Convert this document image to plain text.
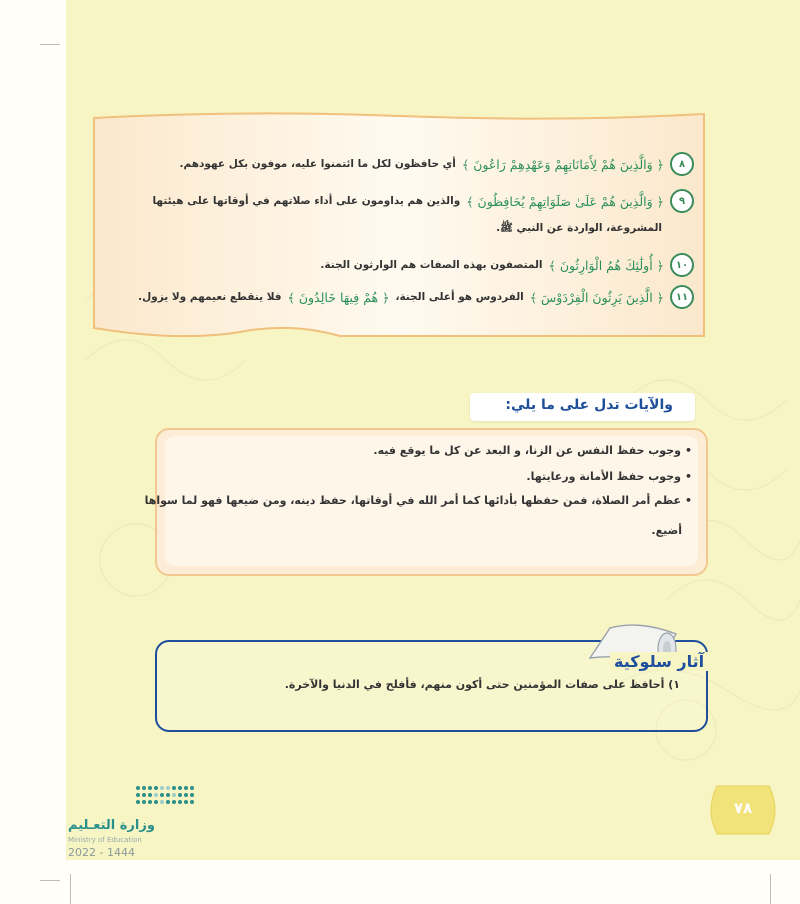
٨
﴿ وَالَّذِينَ هُمْ لِأَمَانَاتِهِمْ وَعَهْدِهِمْ رَاعُونَ ﴾
أي حافظون لكل ما ائتمنوا عليه، موفون بكل عهودهم.
٩
﴿ وَالَّذِينَ هُمْ عَلَىٰ صَلَوَاتِهِمْ يُحَافِظُونَ ﴾
والذين هم يداومون على أداء صلاتهم في أوقاتها على هيئتها
المشروعة، الواردة عن النبي ﷺ.
١٠
﴿ أُولَٰئِكَ هُمُ الْوَارِثُونَ ﴾
المتصفون بهذه الصفات هم الوارثون الجنة.
١١
﴿ الَّذِينَ يَرِثُونَ الْفِرْدَوْسَ ﴾
الفردوس هو أعلى الجنة،
﴿ هُمْ فِيهَا خَالِدُونَ ﴾
فلا ينقطع نعيمهم ولا يزول.
والآيات تدل على ما يلي:
• وجوب حفظ النفس عن الزنا، و البعد عن كل ما يوقع فيه.
• وجوب حفظ الأمانة ورعايتها.
• عظم أمر الصلاة، فمن حفظها بأدائها كما أمر الله في أوقاتها، حفظ دينه، ومن ضيعها فهو لما سواها
أضيع.
آثار سلوكية
١) أحافظ على صفات المؤمنين حتى أكون منهم، فأفلح في الدنيا والآخرة.
٧٨
وزارة التعـليم
Ministry of Education
2022 - 1444
